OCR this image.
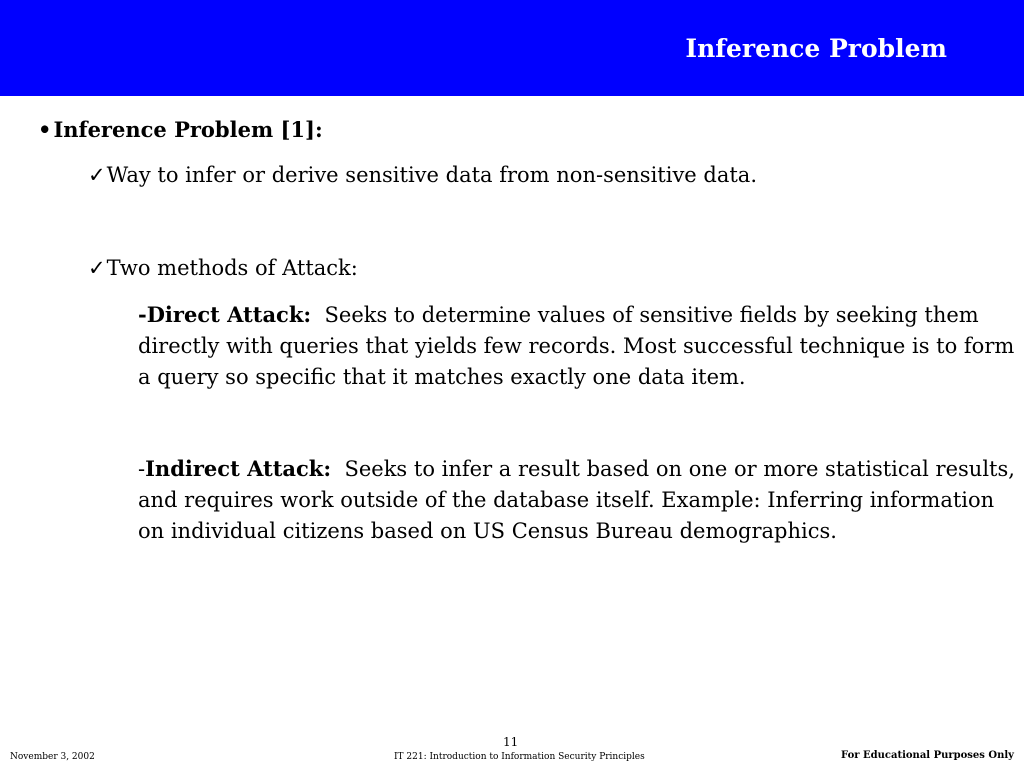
Inference Problem
•Inference Problem [1]:
✓Way to infer or derive sensitive data from non-sensitive data.
✓Two methods of Attack:

-Direct Attack: Seeks to determine values of sensitive fields by seeking them directly with queries that yields few records. Most successful technique is to form a query so specific that it matches exactly one data item.

-Indirect Attack: Seeks to infer a result based on one or more statistical results, and requires work outside of the database itself. Example: Inferring information on individual citizens based on US Census Bureau demographics.

November 3, 2002
11
IT 221: Introduction to Information Security Principles	For Educational Purposes Only
